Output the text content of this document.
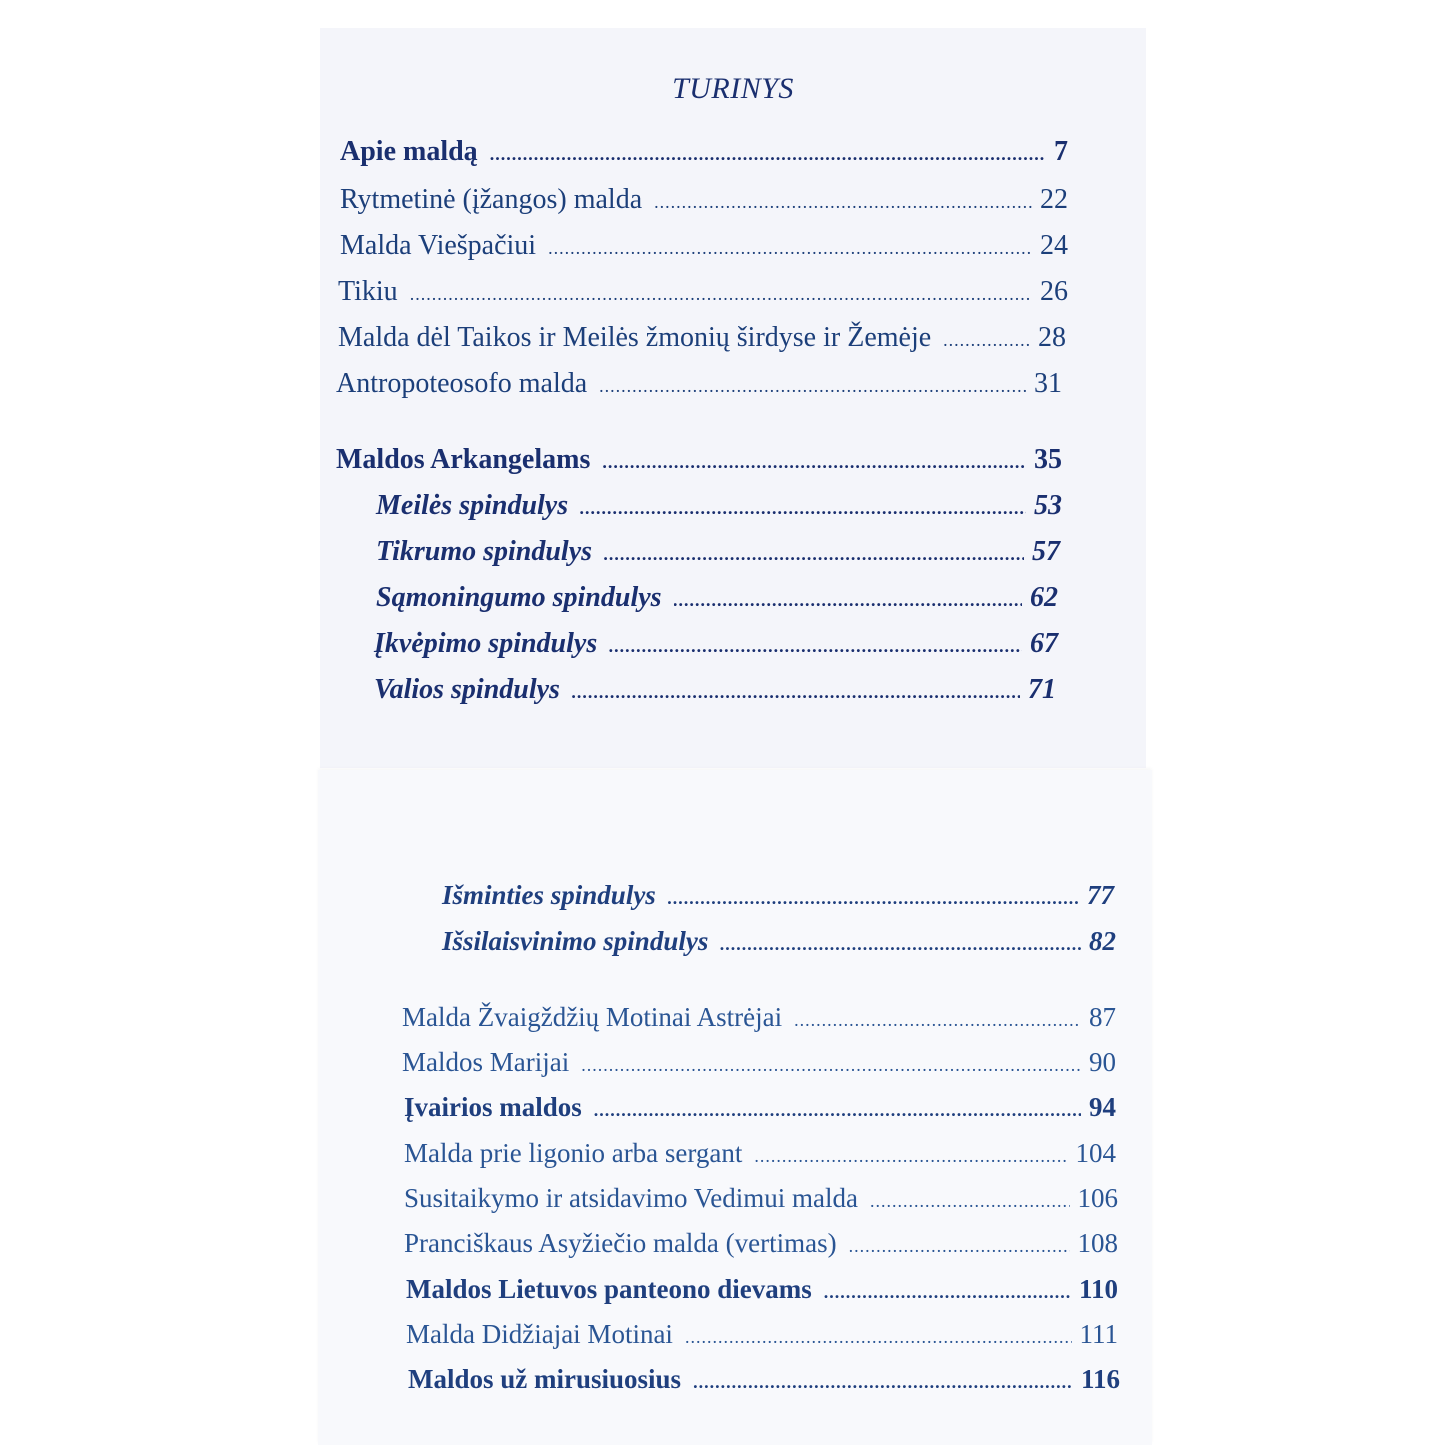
TURINYS
Apie maldą .....	7
Rytmetinė (įžangos) malda .....	22
Malda Viešpačiui .....	24
Tikiu .....	26
Malda dėl Taikos ir Meilės žmonių širdyse ir Žemėje .....	28
Antropoteosofo malda .....	31
Maldos Arkangelams .....	35
Meilės spindulys .....	53
Tikrumo spindulys .....	57
Sąmoningumo spindulys .....	62
Įkvėpimo spindulys .....	67
Valios spindulys .....	71
Išminties spindulys .....	77
Išsilaisvinimo spindulys .....	82
Malda Žvaigždžių Motinai Astrėjai .....	87
Maldos Marijai .....	90
Įvairios maldos .....	94
Malda prie ligonio arba sergant .....	104
Susitaikymo ir atsidavimo Vedimui malda .....	106
Pranciškaus Asyžiečio malda (vertimas) .....	108
Maldos Lietuvos panteono dievams .....	110
Malda Didžiajai Motinai .....	111
Maldos už mirusiuosius .....	116
